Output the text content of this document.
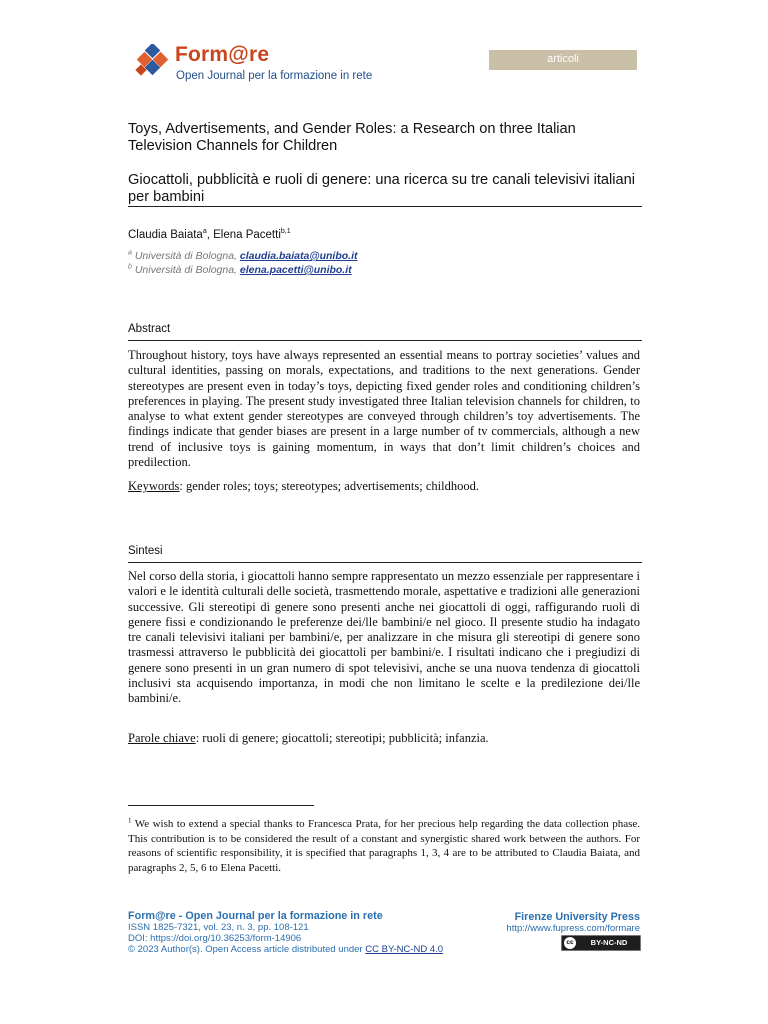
Form@re
Open Journal per la formazione in rete
articoli
Toys, Advertisements, and Gender Roles: a Research on three Italian Television Channels for Children
Giocattoli, pubblicità e ruoli di genere: una ricerca su tre canali televisivi italiani per bambini
Claudia Baiata$^a$, Elena Pacetti$^{b,1}$
$^a$ Università di Bologna, claudia.baiata@unibo.it
$^b$ Università di Bologna, elena.pacetti@unibo.it
Abstract
Throughout history, toys have always represented an essential means to portray societies’ values and cultural identities, passing on morals, expectations, and traditions to the next generations. Gender stereotypes are present even in today’s toys, depicting fixed gender roles and conditioning children’s preferences in playing. The present study investigated three Italian television channels for children, to analyse to what extent gender stereotypes are conveyed through children’s toy advertisements. The findings indicate that gender biases are present in a large number of tv commercials, although a new trend of inclusive toys is gaining momentum, in ways that don’t limit children’s choices and predilection.
Keywords: gender roles; toys; stereotypes; advertisements; childhood.
Sintesi
Nel corso della storia, i giocattoli hanno sempre rappresentato un mezzo essenziale per rappresentare i valori e le identità culturali delle società, trasmettendo morale, aspettative e tradizioni alle generazioni successive. Gli stereotipi di genere sono presenti anche nei giocattoli di oggi, raffigurando ruoli di genere fissi e condizionando le preferenze dei/lle bambini/e nel gioco. Il presente studio ha indagato tre canali televisivi italiani per bambini/e, per analizzare in che misura gli stereotipi di genere sono trasmessi attraverso le pubblicità dei giocattoli per bambini/e. I risultati indicano che i pregiudizi di genere sono presenti in un gran numero di spot televisivi, anche se una nuova tendenza di giocattoli inclusivi sta acquisendo importanza, in modi che non limitano le scelte e la predilezione dei/lle bambini/e.
Parole chiave: ruoli di genere; giocattoli; stereotipi; pubblicità; infanzia.
$^1$ We wish to extend a special thanks to Francesca Prata, for her precious help regarding the data collection phase. This contribution is to be considered the result of a constant and synergistic shared work between the authors. For reasons of scientific responsibility, it is specified that paragraphs 1, 3, 4 are to be attributed to Claudia Baiata, and paragraphs 2, 5, 6 to Elena Pacetti.
Form@re - Open Journal per la formazione in rete
ISSN 1825-7321, vol. 23, n. 3, pp. 108-121
DOI: https://doi.org/10.36253/form-14906
© 2023 Author(s). Open Access article distributed under CC BY-NC-ND 4.0
Firenze University Press
http://www.fupress.com/formare
cc	BY-NC-ND
